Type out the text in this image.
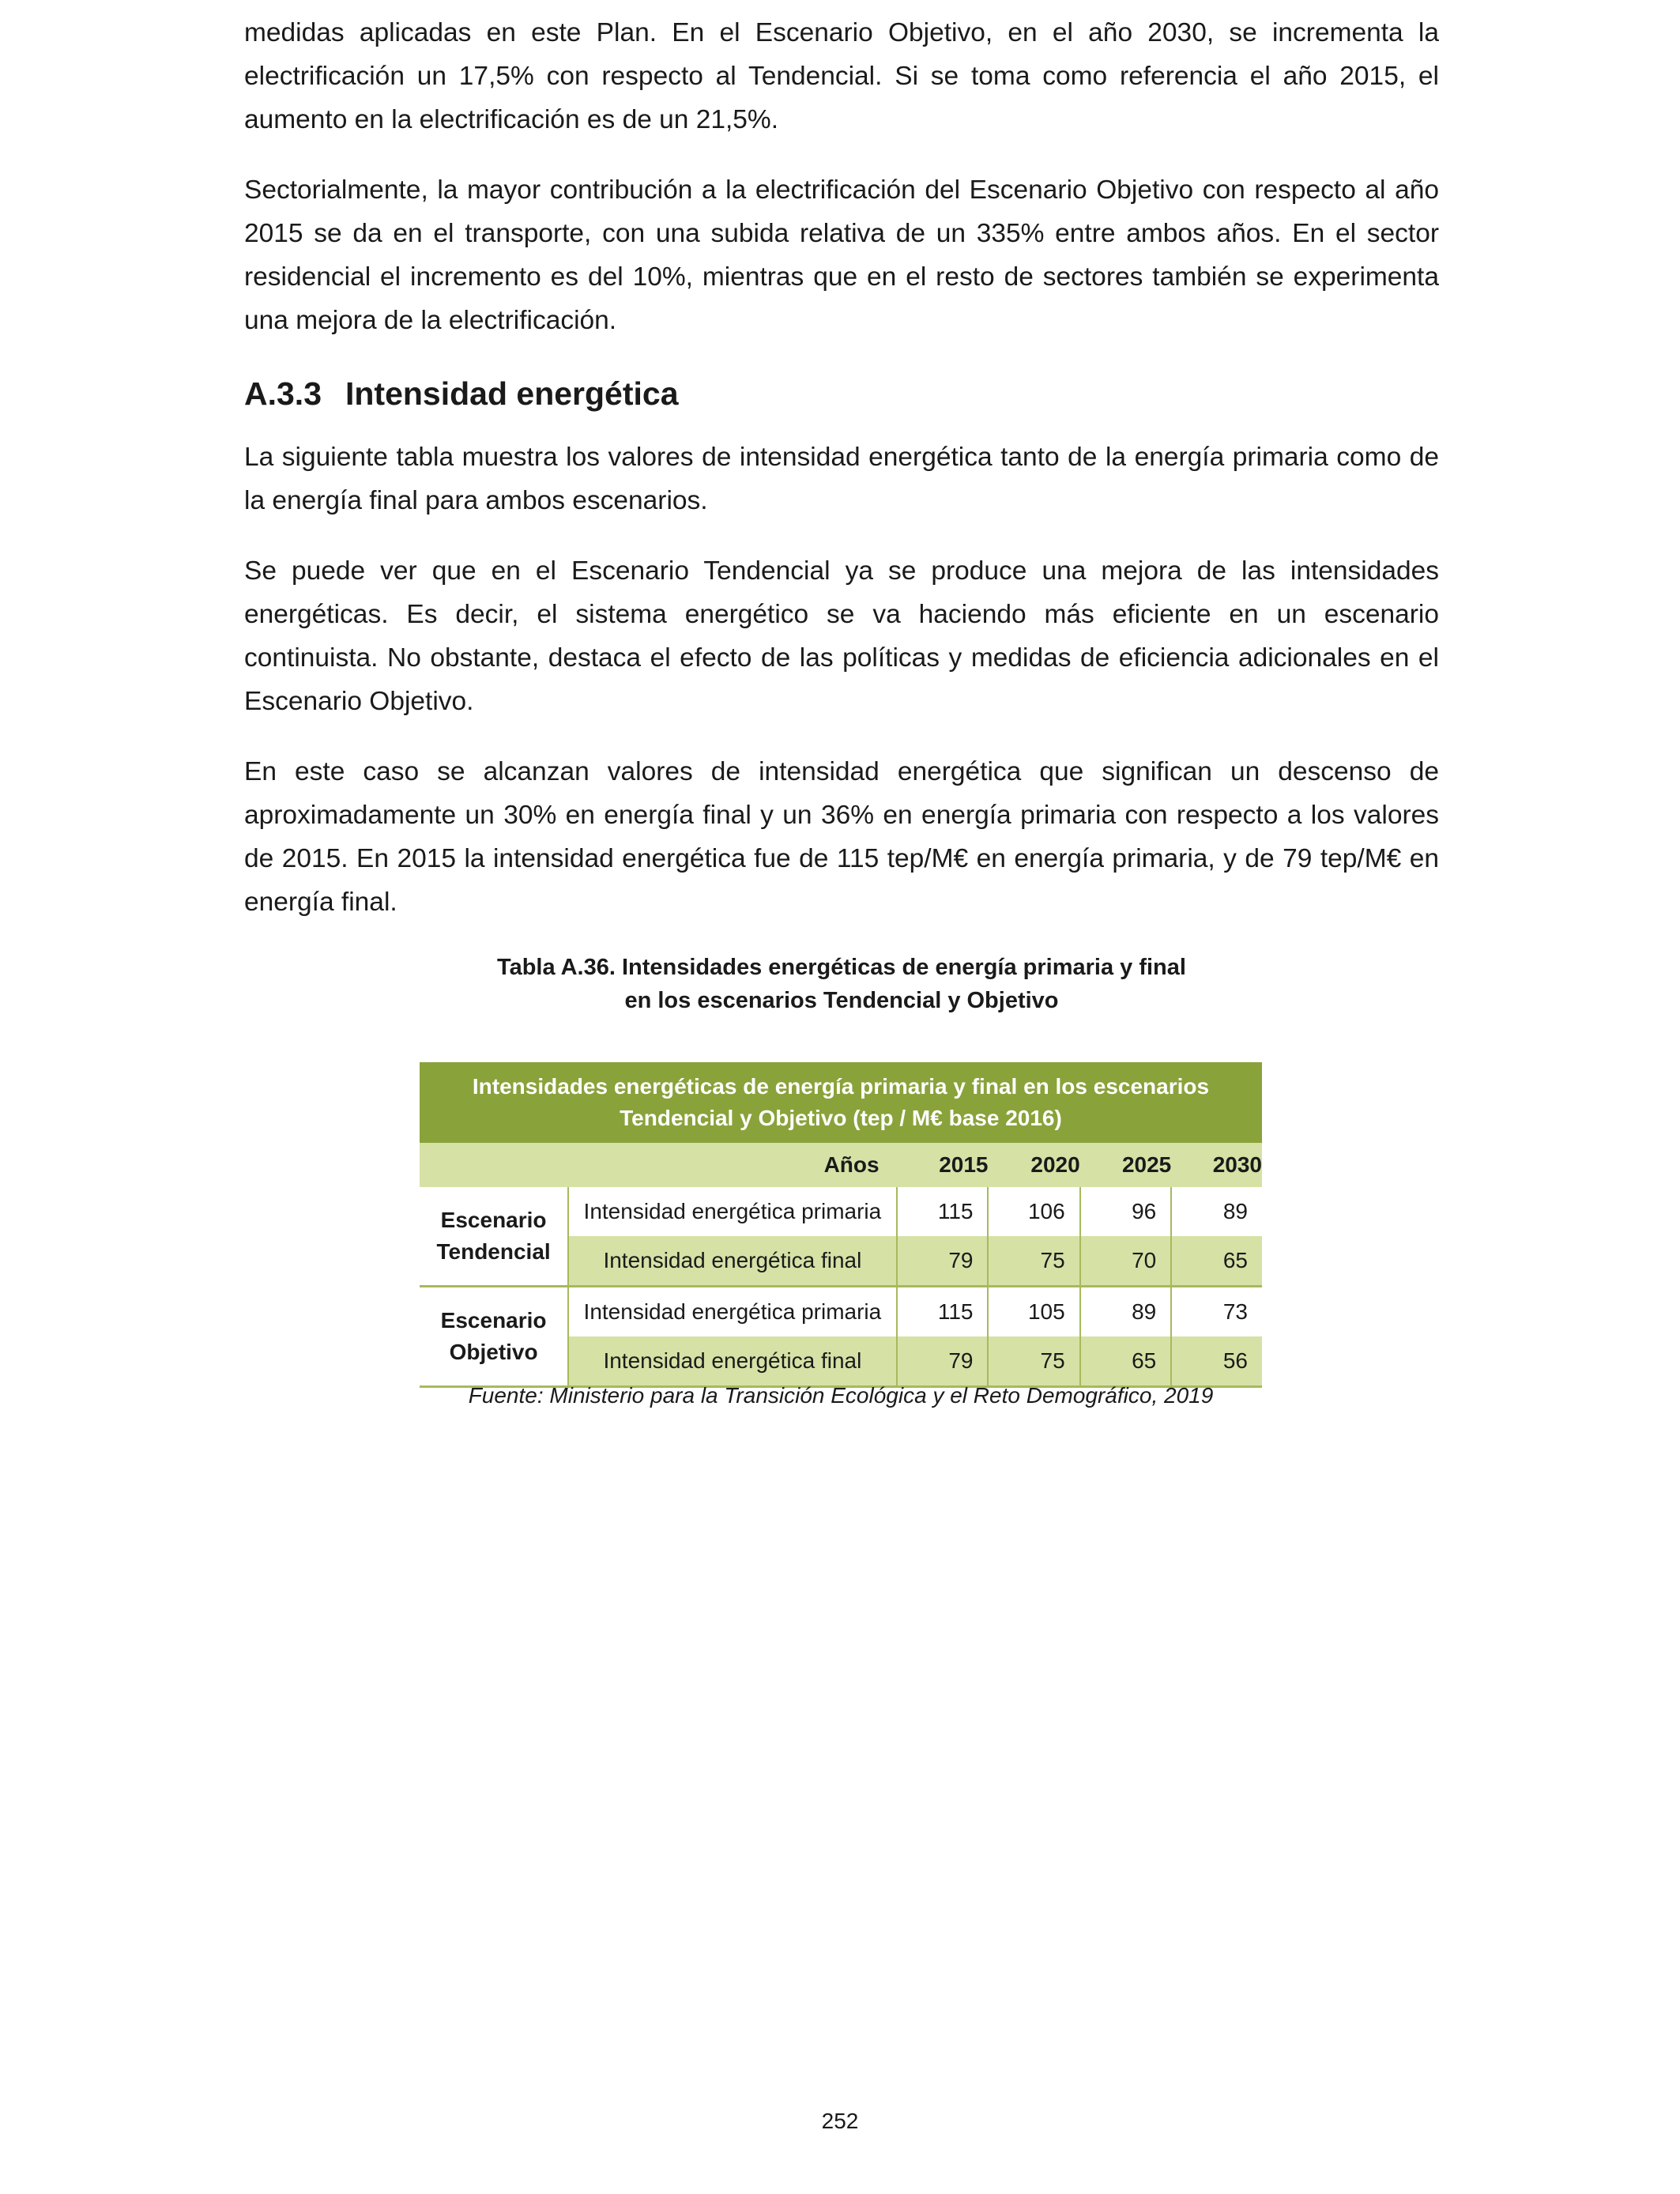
medidas aplicadas en este Plan. En el Escenario Objetivo, en el año 2030, se incrementa la electrificación un 17,5% con respecto al Tendencial. Si se toma como referencia el año 2015, el aumento en la electrificación es de un 21,5%.

Sectorialmente, la mayor contribución a la electrificación del Escenario Objetivo con respecto al año 2015 se da en el transporte, con una subida relativa de un 335% entre ambos años. En el sector residencial el incremento es del 10%, mientras que en el resto de sectores también se experimenta una mejora de la electrificación.

A.3.3 Intensidad energética

La siguiente tabla muestra los valores de intensidad energética tanto de la energía primaria como de la energía final para ambos escenarios.

Se puede ver que en el Escenario Tendencial ya se produce una mejora de las intensidades energéticas. Es decir, el sistema energético se va haciendo más eficiente en un escenario continuista. No obstante, destaca el efecto de las políticas y medidas de eficiencia adicionales en el Escenario Objetivo.

En este caso se alcanzan valores de intensidad energética que significan un descenso de aproximadamente un 30% en energía final y un 36% en energía primaria con respecto a los valores de 2015. En 2015 la intensidad energética fue de 115 tep/M€ en energía primaria, y de 79 tep/M€ en energía final.

Tabla A.36. Intensidades energéticas de energía primaria y final
en los escenarios Tendencial y Objetivo
Intensidades energéticas de energía primaria y final en los escenarios
Tendencial y Objetivo (tep / M€ base 2016)					
Años		2015	2020	2025	2030
Escenario
Tendencial	Intensidad energética primaria	115	106	96	89
	Intensidad energética final	79	75	70	65
Escenario
Objetivo	Intensidad energética primaria	115	105	89	73
	Intensidad energética final	79	75	65	56
Fuente: Ministerio para la Transición Ecológica y el Reto Demográfico, 2019
252
